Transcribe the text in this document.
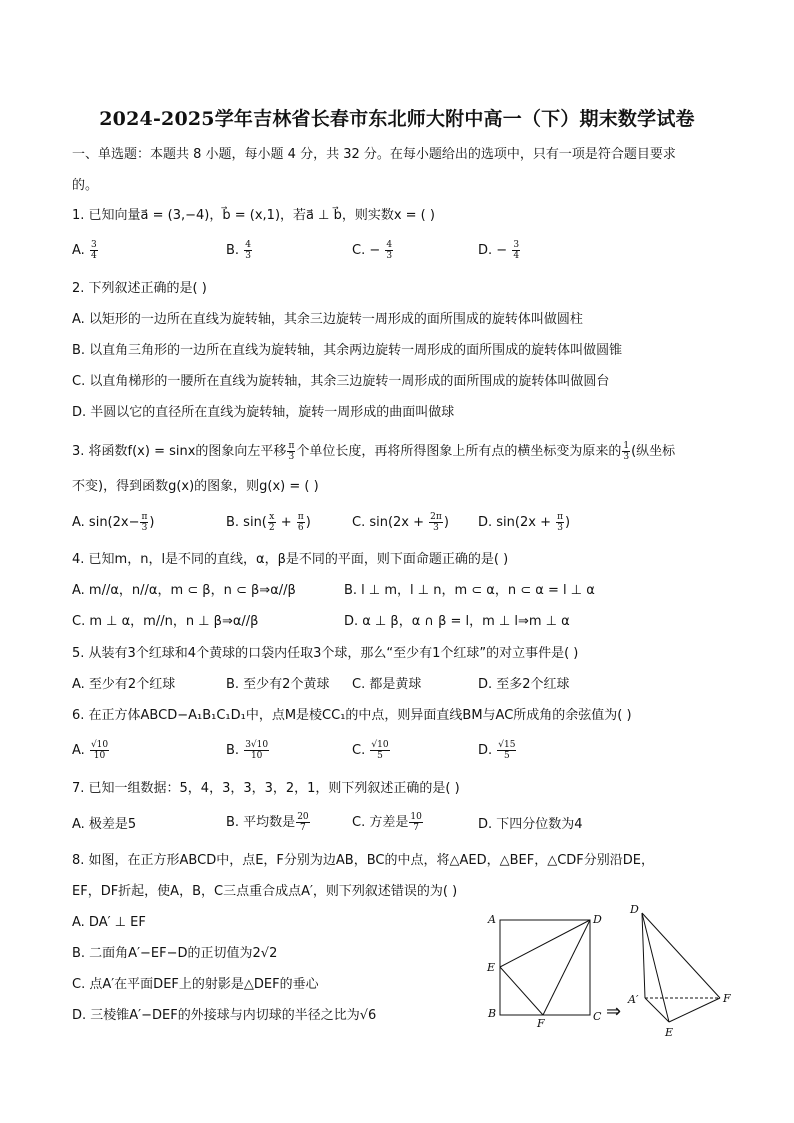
2024-2025学年吉林省长春市东北师大附中高一（下）期末数学试卷
一、单选题：本题共 8 小题，每小题 4 分，共 32 分。在每小题给出的选项中，只有一项是符合题目要求
的。
1. 已知向量a⃗ = (3,−4)，b⃗ = (x,1)，若a⃗ ⊥ b⃗，则实数x = ( )
A. $\frac{3}{4}$	B. $\frac{4}{3}$	C. − $\frac{4}{3}$	D. − $\frac{3}{4}$
2. 下列叙述正确的是( )
A. 以矩形的一边所在直线为旋转轴，其余三边旋转一周形成的面所围成的旋转体叫做圆柱
B. 以直角三角形的一边所在直线为旋转轴，其余两边旋转一周形成的面所围成的旋转体叫做圆锥
C. 以直角梯形的一腰所在直线为旋转轴，其余三边旋转一周形成的面所围成的旋转体叫做圆台
D. 半圆以它的直径所在直线为旋转轴，旋转一周形成的曲面叫做球
3. 将函数f(x) = sinx的图象向左平移 $\frac{\pi}{3}$ 个单位长度，再将所得图象上所有点的横坐标变为原来的 $\frac{1}{3}$ (纵坐标
不变)，得到函数g(x)的图象，则g(x) = ( )
A. $\sin(2x- \frac{\pi}{3}$ )	B. $\sin( \frac{x}{2} + \frac{\pi}{6}$ )	C. $\sin(2x + \frac{2\pi}{3}$ ) D. $\sin(2x + \frac{\pi}{3}$ )
4. 已知m，n，l是不同的直线，α，β是不同的平面，则下面命题正确的是( )
A. m//α，n//α，m ⊂ β，n ⊂ β⇒α//β	B. l ⊥ m，l ⊥ n，m ⊂ α，n ⊂ α = l ⊥ α
C. m ⊥ α，m//n，n ⊥ β⇒α//β	D. α ⊥ β，α ∩ β = l，m ⊥ l⇒m ⊥ α
5. 从装有3个红球和4个黄球的口袋内任取3个球，那么“至少有1个红球”的对立事件是( )
A. 至少有2个红球	B. 至少有2个黄球 C. 都是黄球	D. 至多2个红球
6. 在正方体ABCD−A₁B₁C₁D₁中，点M是棱CC₁的中点，则异面直线BM与AC所成角的余弦值为( )
A. $\frac{√10}{10}$	B. $\frac{3√10}{10}$	C. $\frac{√10}{5}$	D. $\frac{√15}{5}$
7. 已知一组数据：5，4，3，3，3，2，1，则下列叙述正确的是( )
A. 极差是5	B. 平均数是 $\frac{20}{7}$	C. 方差是 $\frac{10}{7}$	D. 下四分位数为4
8. 如图，在正方形ABCD中，点E，F分别为边AB，BC的中点，将△AED，△BEF，△CDF分别沿DE，
EF，DF折起，使A，B，C三点重合成点A′，则下列叙述错误的为( )
A. DA′ ⊥ EF
B. 二面角A′−EF−D的正切值为2√2
C. 点A′在平面DEF上的射影是△DEF的垂心
D. 三棱锥A′−DEF的外接球与内切球的半径之比为√6
A
B	C
D
E
F
⇒
D
A′
E
F
